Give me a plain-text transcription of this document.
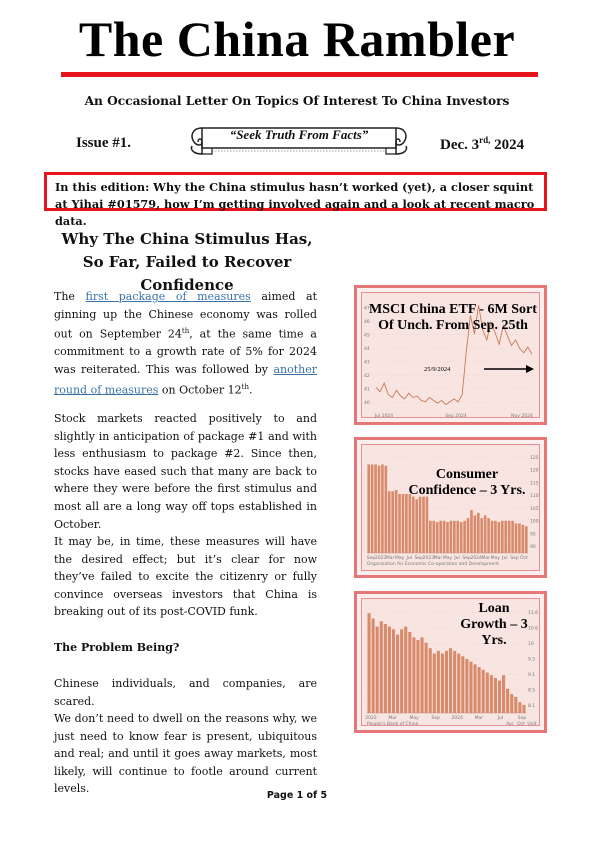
The China Rambler
An Occasional Letter On Topics Of Interest To China Investors
Issue #1.
“Seek Truth From Facts”
Dec. $3^{rd,}$ 2024
In this edition: Why the China stimulus hasn’t worked (yet), a closer squint at Yihai #01579, how I’m getting involved again and a look at recent macro data.
Why The China Stimulus Has, So Far, Failed to Recover Confidence
The first package of measures aimed at ginning up the Chinese economy was rolled out on September 24th, at the same time a commitment to a growth rate of 5% for 2024 was reiterated. This was followed by another round of measures on October 12th.
Stock markets reacted positively to and slightly in anticipation of package #1 and with less enthusiasm to package #2. Since then, stocks have eased such that many are back to where they were before the first stimulus and most all are a long way off tops established in October.
It may be, in time, these measures will have the desired effect; but it’s clear for now they’ve failed to excite the citizenry or fully convince overseas investors that China is breaking out of its post-COVID funk.
The Problem Being?
Chinese individuals, and companies, are scared.
We don’t need to dwell on the reasons why, we just need to know fear is present, ubiquitous and real; and until it goes away markets, most likely, will continue to footle around current levels.
Page 1 of 5
47
46
45
44
43
42
41
40
Jul 2024	Sep 2024	Nov 2024
25/9/2024
MSCI China ETF - 6M Sort Of Unch. From Sep. 25th
125
120
115
110
105
100
95
90
Sep 2022 Mar May Jul Sep 2023 Mar May Jul Sep 2024 Mar May Jul Sep Oct
Organization for Economic Co-operation and Development
Consumer Confidence – 3 Yrs.
11.6
10.6
10
9.5
9.1
8.5
8.1
2022	Mar	May	Sep	2024	Mar	Jul	Sep
People's Bank of China	Apr Oct Unit
Loan Growth – 3 Yrs.
